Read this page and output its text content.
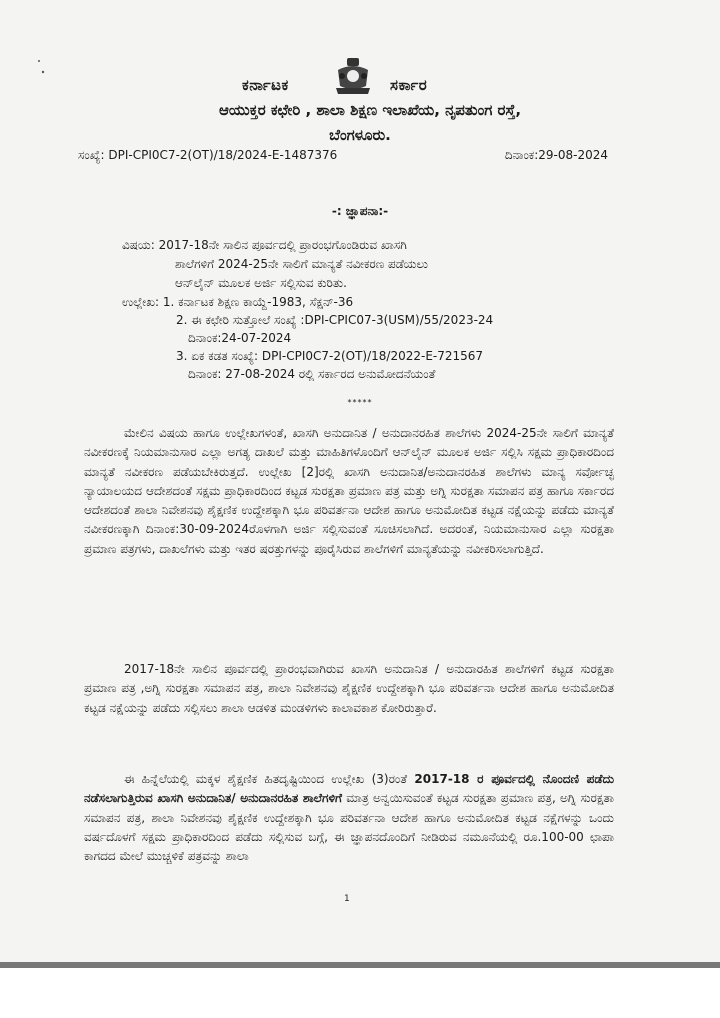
ಕರ್ನಾಟಕ	ಸರ್ಕಾರ
ಆಯುಕ್ತರ ಕಛೇರಿ , ಶಾಲಾ ಶಿಕ್ಷಣ ಇಲಾಖೆಯ, ನೃಪತುಂಗ ರಸ್ತೆ,
ಬೆಂಗಳೂರು.
ಸಂಖ್ಯೆ: DPI-CPI0C7-2(OT)/18/2024-E-1487376	ದಿನಾಂಕ:29-08-2024
-: ಜ್ಞಾಪನಾ:-
ವಿಷಯ: 2017-18ನೇ ಸಾಲಿನ ಪೂರ್ವದಲ್ಲಿ ಪ್ರಾರಂಭಗೊಂಡಿರುವ ಖಾಸಗಿ
ಶಾಲೆಗಳಿಗೆ 2024-25ನೇ ಸಾಲಿಗೆ ಮಾನ್ಯತೆ ನವೀಕರಣ ಪಡೆಯಲು
ಆನ್‌ಲೈನ್ ಮೂಲಕ ಅರ್ಜಿ ಸಲ್ಲಿಸುವ ಕುರಿತು.
ಉಲ್ಲೇಖ: 1. ಕರ್ನಾಟಕ ಶಿಕ್ಷಣ ಕಾಯ್ದೆ-1983, ಸೆಕ್ಷನ್-36
2. ಈ ಕಛೇರಿ ಸುತ್ತೋಲೆ ಸಂಖ್ಯೆ :DPI-CPIC07-3(USM)/55/2023-24
ದಿನಾಂಕ:24-07-2024
3. ಏಕ ಕಡತ ಸಂಖ್ಯೆ: DPI-CPI0C7-2(OT)/18/2022-E-721567
ದಿನಾಂಕ: 27-08-2024 ರಲ್ಲಿ ಸರ್ಕಾರದ ಅನುಮೋದನೆಯಂತೆ
*****
ಮೇಲಿನ ವಿಷಯ ಹಾಗೂ ಉಲ್ಲೇಖಗಳಂತೆ, ಖಾಸಗಿ ಅನುದಾನಿತ / ಅನುದಾನರಹಿತ ಶಾಲೆಗಳು 2024-25ನೇ ಸಾಲಿಗೆ ಮಾನ್ಯತೆ ನವೀಕರಣಕ್ಕೆ ನಿಯಮಾನುಸಾರ ಎಲ್ಲಾ ಅಗತ್ಯ ದಾಖಲೆ ಮತ್ತು ಮಾಹಿತಿಗಳೊಂದಿಗೆ ಆನ್‌ಲೈನ್ ಮೂಲಕ ಅರ್ಜಿ ಸಲ್ಲಿಸಿ ಸಕ್ಷಮ ಪ್ರಾಧಿಕಾರದಿಂದ ಮಾನ್ಯತೆ ನವೀಕರಣ ಪಡೆಯಬೇಕಿರುತ್ತದೆ. ಉಲ್ಲೇಖ [2]ರಲ್ಲಿ ಖಾಸಗಿ ಅನುದಾನಿತ/ಅನುದಾನರಹಿತ ಶಾಲೆಗಳು ಮಾನ್ಯ ಸರ್ವೋಚ್ಛ ನ್ಯಾಯಾಲಯದ ಆದೇಶದಂತೆ ಸಕ್ಷಮ ಪ್ರಾಧಿಕಾರದಿಂದ ಕಟ್ಟಡ ಸುರಕ್ಷತಾ ಪ್ರಮಾಣ ಪತ್ರ ಮತ್ತು ಅಗ್ನಿ ಸುರಕ್ಷತಾ ಸಮಾಪನ ಪತ್ರ ಹಾಗೂ ಸರ್ಕಾರದ ಆದೇಶದಂತೆ ಶಾಲಾ ನಿವೇಶನವು ಶೈಕ್ಷಣಿಕ ಉದ್ದೇಶಕ್ಕಾಗಿ ಭೂ ಪರಿವರ್ತನಾ ಆದೇಶ ಹಾಗೂ ಅನುಮೋದಿತ ಕಟ್ಟಡ ನಕ್ಷೆಯನ್ನು ಪಡೆದು ಮಾನ್ಯತೆ ನವೀಕರಣಕ್ಕಾಗಿ ದಿನಾಂಕ:30-09-2024ರೊಳಗಾಗಿ ಅರ್ಜಿ ಸಲ್ಲಿಸುವಂತೆ ಸೂಚಿಸಲಾಗಿದೆ. ಅದರಂತೆ, ನಿಯಮಾನುಸಾರ ಎಲ್ಲಾ ಸುರಕ್ಷತಾ ಪ್ರಮಾಣ ಪತ್ರಗಳು, ದಾಖಲೆಗಳು ಮತ್ತು ಇತರ ಷರತ್ತುಗಳನ್ನು ಪೂರೈಸಿರುವ ಶಾಲೆಗಳಿಗೆ ಮಾನ್ಯತೆಯನ್ನು ನವೀಕರಿಸಲಾಗುತ್ತಿದೆ.
2017-18ನೇ ಸಾಲಿನ ಪೂರ್ವದಲ್ಲಿ ಪ್ರಾರಂಭವಾಗಿರುವ ಖಾಸಗಿ ಅನುದಾನಿತ / ಅನುದಾರಹಿತ ಶಾಲೆಗಳಿಗೆ ಕಟ್ಟಡ ಸುರಕ್ಷತಾ ಪ್ರಮಾಣ ಪತ್ರ ,ಅಗ್ನಿ ಸುರಕ್ಷತಾ ಸಮಾಪನ ಪತ್ರ, ಶಾಲಾ ನಿವೇಶನವು ಶೈಕ್ಷಣಿಕ ಉದ್ದೇಶಕ್ಕಾಗಿ ಭೂ ಪರಿವರ್ತನಾ ಆದೇಶ ಹಾಗೂ ಅನುಮೋದಿತ ಕಟ್ಟಡ ನಕ್ಷೆಯನ್ನು ಪಡೆದು ಸಲ್ಲಿಸಲು ಶಾಲಾ ಆಡಳಿತ ಮಂಡಳಿಗಳು ಕಾಲಾವಕಾಶ ಕೋರಿರುತ್ತಾರೆ.
ಈ ಹಿನ್ನೆಲೆಯಲ್ಲಿ ಮಕ್ಕಳ ಶೈಕ್ಷಣಿಕ ಹಿತದೃಷ್ಟಿಯಿಂದ ಉಲ್ಲೇಖ (3)ರಂತೆ 2017-18 ರ ಪೂರ್ವದಲ್ಲಿ ನೊಂದಣಿ ಪಡೆದು ನಡೆಸಲಾಗುತ್ತಿರುವ ಖಾಸಗಿ ಅನುದಾನಿತ/ ಅನುದಾನರಹಿತ ಶಾಲೆಗಳಿಗೆ ಮಾತ್ರ ಅನ್ವಯಿಸುವಂತೆ ಕಟ್ಟಡ ಸುರಕ್ಷತಾ ಪ್ರಮಾಣ ಪತ್ರ, ಅಗ್ನಿ ಸುರಕ್ಷತಾ ಸಮಾಪನ ಪತ್ರ, ಶಾಲಾ ನಿವೇಶನವು ಶೈಕ್ಷಣಿಕ ಉದ್ದೇಶಕ್ಕಾಗಿ ಭೂ ಪರಿವರ್ತನಾ ಆದೇಶ ಹಾಗೂ ಅನುಮೋದಿತ ಕಟ್ಟಡ ನಕ್ಷೆಗಳನ್ನು ಒಂದು ವರ್ಷದೊಳಗೆ ಸಕ್ಷಮ ಪ್ರಾಧಿಕಾರದಿಂದ ಪಡೆದು ಸಲ್ಲಿಸುವ ಬಗ್ಗೆ, ಈ ಜ್ಞಾಪನದೊಂದಿಗೆ ನೀಡಿರುವ ನಮೂನೆಯಲ್ಲಿ ರೂ.100-00 ಛಾಪಾ ಕಾಗದದ ಮೇಲೆ ಮುಚ್ಚಳಿಕೆ ಪತ್ರವನ್ನು ಶಾಲಾ
1
